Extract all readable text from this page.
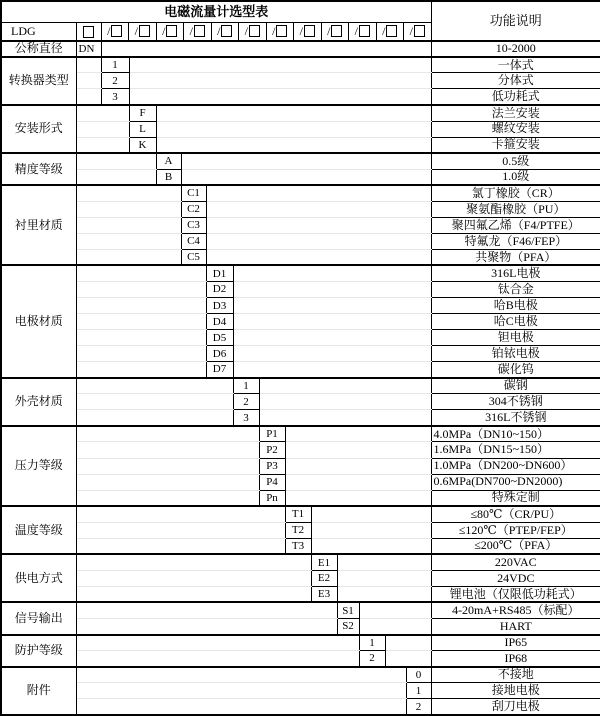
电磁流量计选型表															功能说明
LDG		/ / / / / / / / / / / /

公称直径	DN														10-2000
转换器类型		1													一体式
		2													分体式
		3													低功耗式
安装形式			F												法兰安装
			L												螺纹安装
			K												卡箍安装
精度等级				A											0.5级
				B											1.0级
衬里材质					C1										氯丁橡胶（CR）
					C2										聚氨酯橡胶（PU）
					C3										聚四氟乙烯（F4/PTFE）
					C4										特氟龙（F46/FEP）
					C5										共聚物（PFA）
电极材质						D1									316L电极
						D2									钛合金
						D3									哈B电极
						D4									哈C电极
						D5									钽电极
						D6									铂铱电极
						D7									碳化钨
外壳材质							1								碳钢
							2								304不锈钢
							3								316L不锈钢
压力等级								P1							4.0MPa（DN10~150）
								P2							1.6MPa（DN15~150）
								P3							1.0MPa（DN200~DN600）
								P4							0.6MPa(DN700~DN2000)
								Pn							特殊定制
温度等级									T1						≤80℃（CR/PU）
									T2						≤120℃（PTEP/FEP）
									T3						≤200℃（PFA）
供电方式										E1					220VAC
										E2					24VDC
										E3					锂电池（仅限低功耗式）
信号输出											S1				4-20mA+RS485（标配）
											S2				HART
防护等级												1			IP65
												2			IP68
附件														0	不接地
														1	接地电极
														2	刮刀电极
